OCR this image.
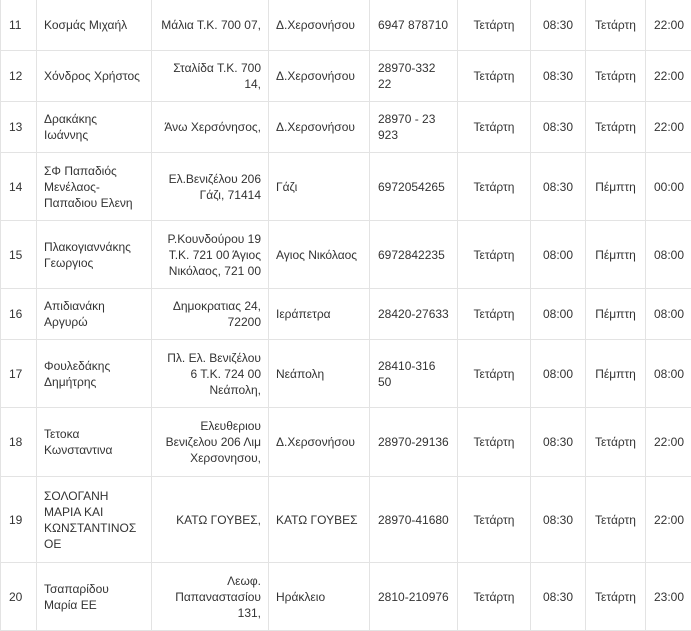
11	Κοσμάς Μιχαήλ	Μάλια Τ.Κ. 700 07,	Δ.Χερσονήσου	6947 878710	Τετάρτη	08:30	Τετάρτη	22:00
12	Χόνδρος Χρήστος	Σταλίδα Τ.Κ. 700 14,	Δ.Χερσονήσου	28970-332 22	Τετάρτη	08:30	Τετάρτη	22:00
13	Δρακάκης Ιωάννης	Άνω Χερσόνησος,	Δ.Χερσονήσου	28970 - 23 923	Τετάρτη	08:30	Τετάρτη	22:00
14	ΣΦ Παπαδιός Μενέλαος-Παπαδιου Ελενη	Ελ.Βενιζέλου 206 Γάζι, 71414	Γάζι	6972054265	Τετάρτη	08:30	Πέμπτη	00:00
15	Πλακογιαννάκης Γεωργιος	Ρ.Κουνδούρου 19 Τ.Κ. 721 00 Άγιος Νικόλαος, 721 00	Αγιος Νικόλαος	6972842235	Τετάρτη	08:00	Πέμπτη	08:00
16	Απιδιανάκη Αργυρώ	Δημοκρατιας 24, 72200	Ιεράπετρα	28420-27633	Τετάρτη	08:00	Πέμπτη	08:00
17	Φουλεδάκης Δημήτρης	Πλ. Ελ. Βενιζέλου 6 Τ.Κ. 724 00 Νεάπολη,	Νεάπολη	28410-316 50	Τετάρτη	08:00	Πέμπτη	08:00
18	Τετοκα Κωνσταντινα	Ελευθεριου Βενιζελου 206 Λιμ Χερσονησου,	Δ.Χερσονήσου	28970-29136	Τετάρτη	08:30	Τετάρτη	22:00
19	ΣΟΛΟΓΑΝΗ ΜΑΡΙΑ ΚΑΙ ΚΩΝΣΤΑΝΤΙΝΟΣ ΟΕ	ΚΑΤΩ ΓΟΥΒΕΣ,	ΚΑΤΩ ΓΟΥΒΕΣ	28970-41680	Τετάρτη	08:30	Τετάρτη	22:00
20	Τσαπαρίδου Μαρία ΕΕ	Λεωφ. Παπαναστασίου 131,	Ηράκλειο	2810-210976	Τετάρτη	08:30	Τετάρτη	23:00
